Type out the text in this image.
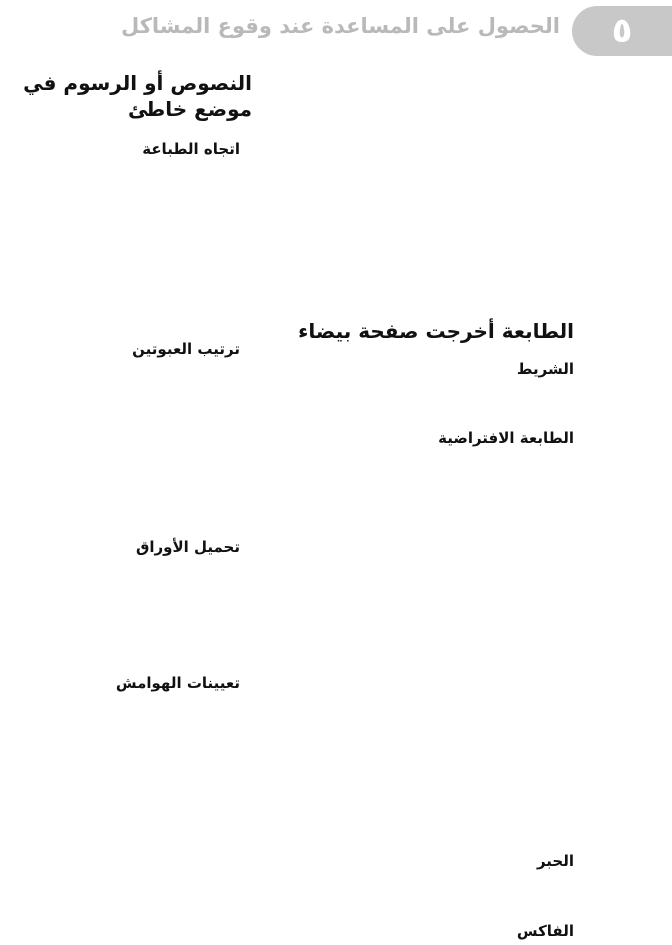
٥
الحصول على المساعدة عند وقوع المشاكل
النصوص أو الرسوم في موضع خاطئ
اتجاه الطباعة
ترتيب العبوتين
تحميل الأوراق
تعيينات الهوامش
الطابعة أخرجت صفحة بيضاء
الشريط
الطابعة الافتراضية
الحبر
الفاكس
